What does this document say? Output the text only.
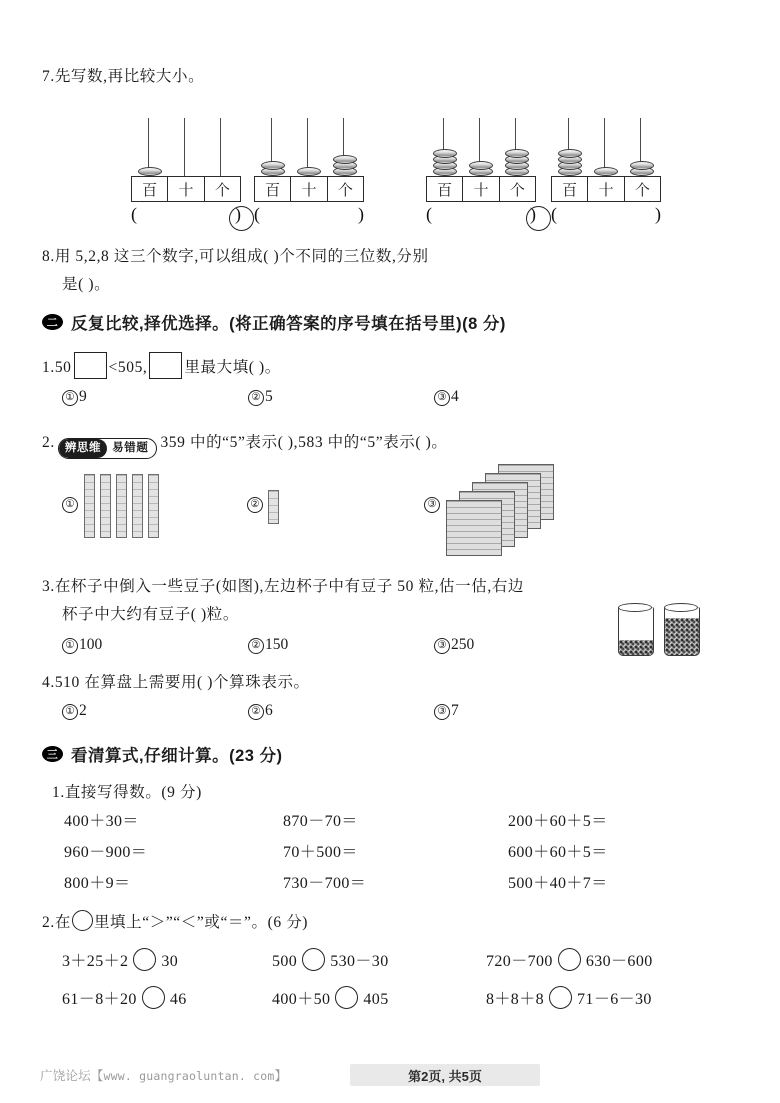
7.先写数,再比较大小。
百	十	个
(	)
百	十	个
(	)
百	十	个
(	)
百	十	个
(	)
8.用 5,2,8 这三个数字,可以组成( )个不同的三位数,分别
是( )。
二 反复比较,择优选择。(将正确答案的序号填在括号里)(8 分)
1.50 <505, 里最大填( )。
① 9	② 5	③ 4
2. 辨思维 易错题 359 中的“5”表示( ),583 中的“5”表示( )。
①	②	③
3.在杯子中倒入一些豆子(如图),左边杯子中有豆子 50 粒,估一估,右边
杯子中大约有豆子( )粒。
① 100	② 150	③ 250
4.510 在算盘上需要用( )个算珠表示。
① 2	② 6	③ 7
三 看清算式,仔细计算。(23 分)
1.直接写得数。(9 分)
400＋30＝	870－70＝	200＋60＋5＝
960－900＝	70＋500＝	600＋60＋5＝
800＋9＝	730－700＝	500＋40＋7＝
2.在 里填上“＞”“＜”或“＝”。(6 分)
3＋25＋2 30	500 530－30	720－700 630－600
61－8＋20 46	400＋50 405	8＋8＋8 71－6－30
广饶论坛【www. guangraoluntan. com】	第2页, 共5页
